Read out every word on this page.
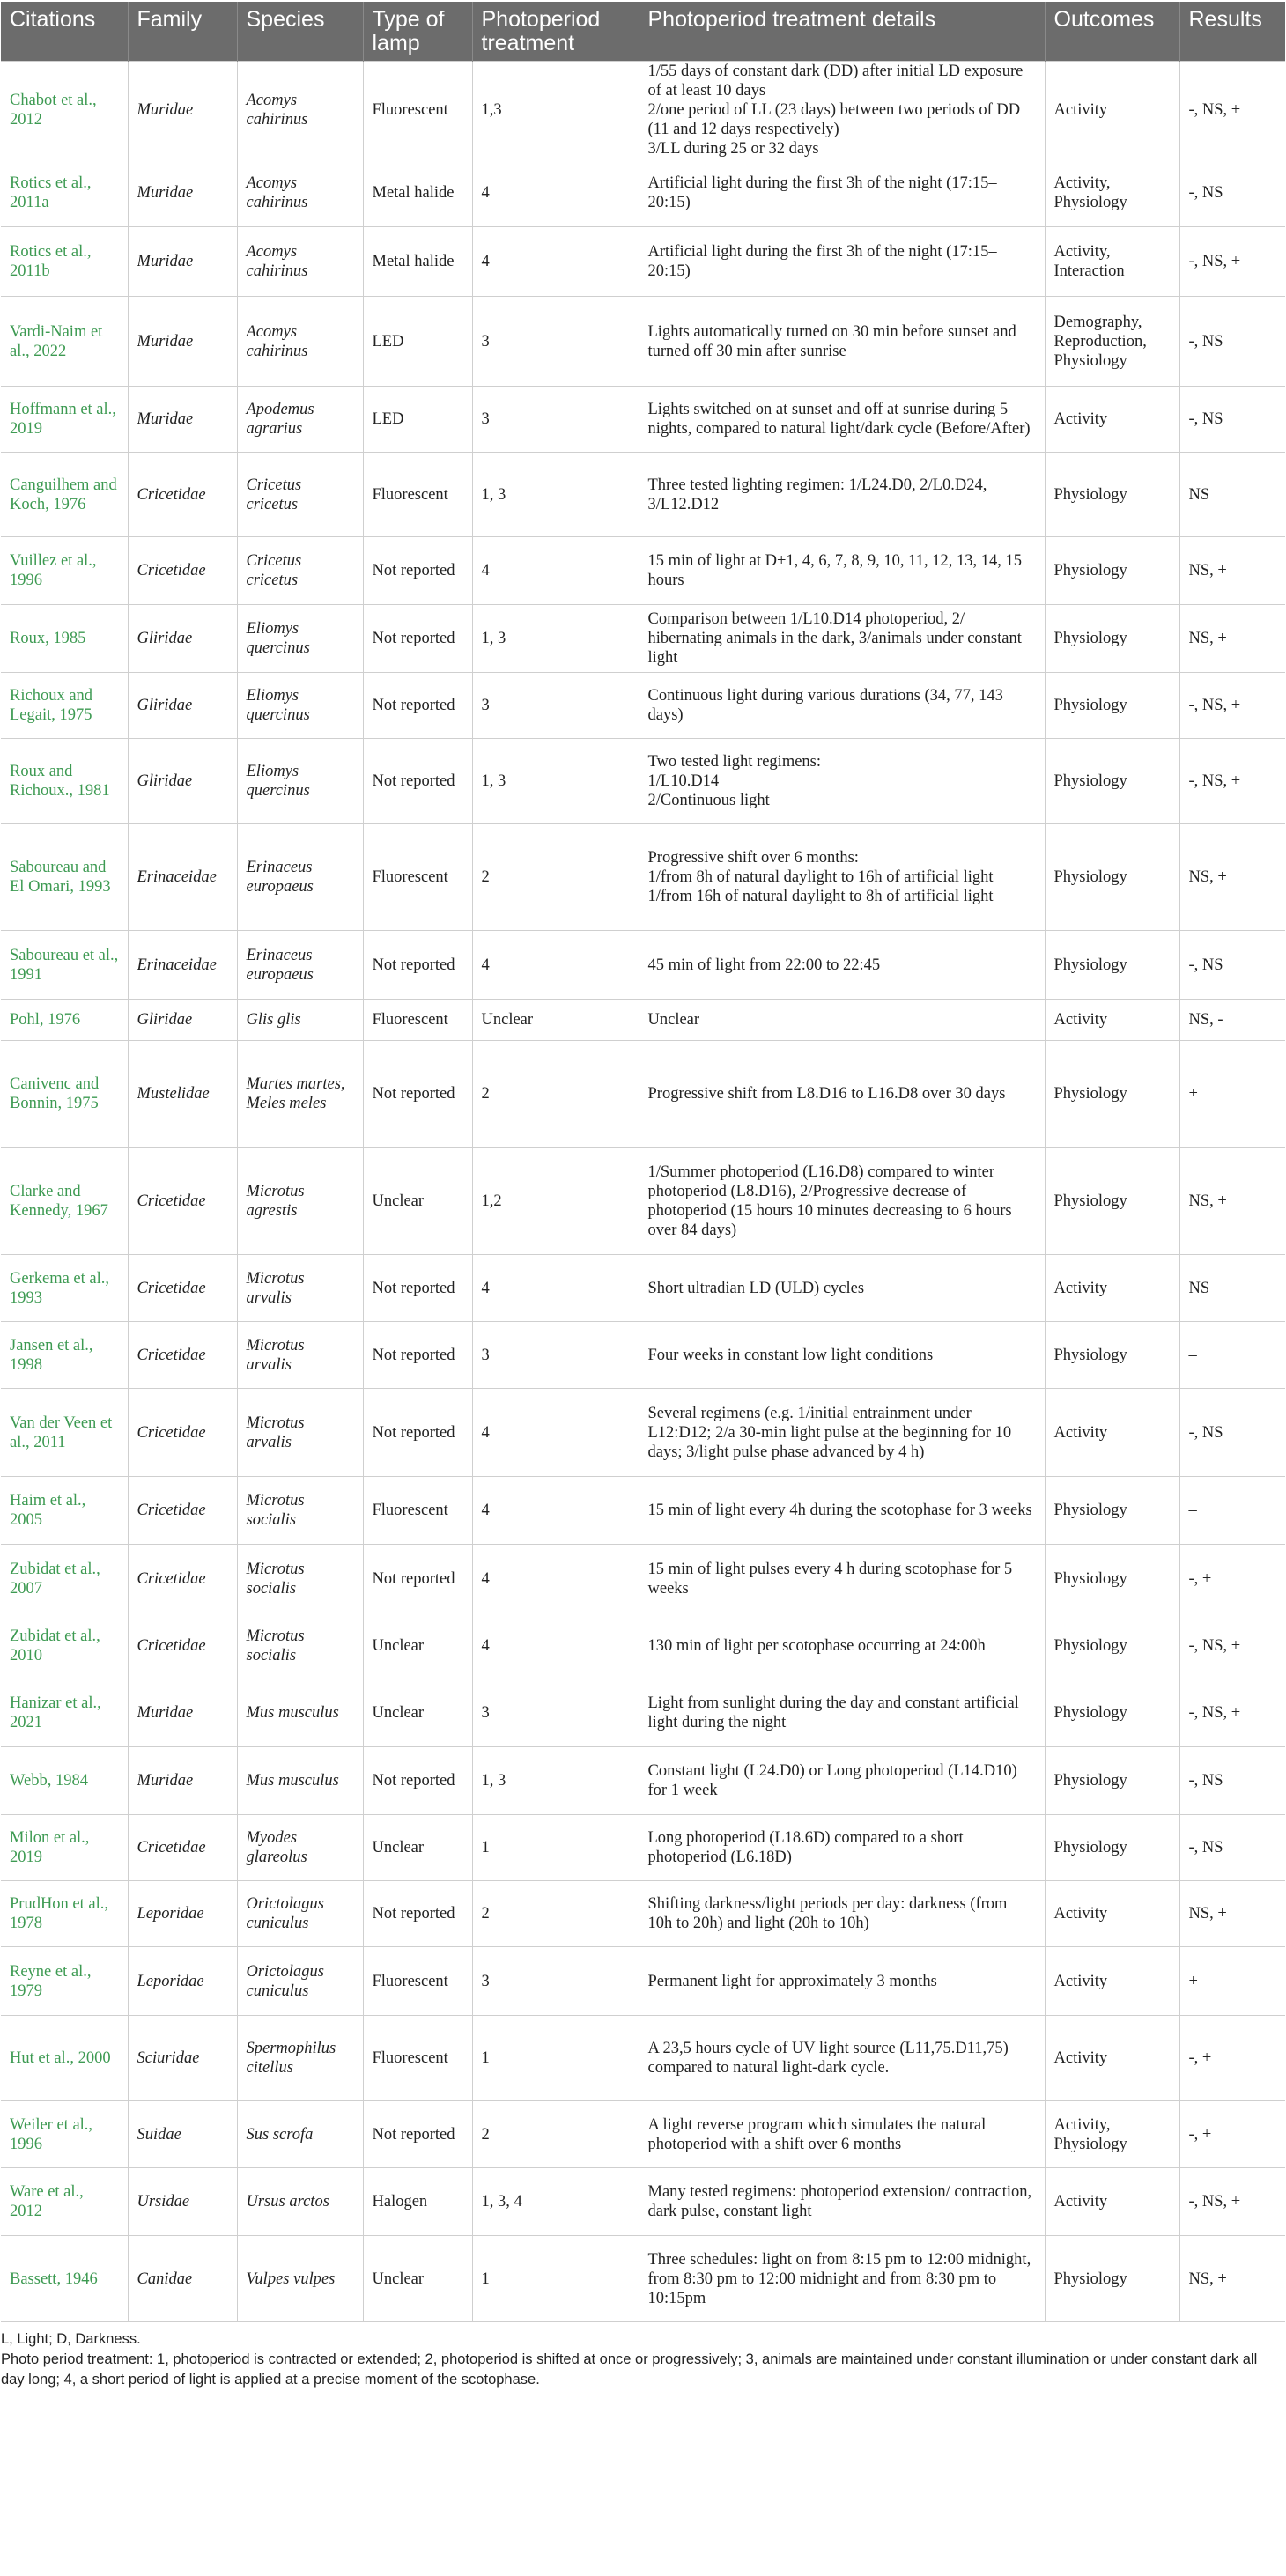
Citations	Family	Species	Type of lamp	Photoperiod treatment	Photoperiod treatment details	Outcomes	Results
Chabot et al., 2012	Muridae	Acomys cahirinus	Fluorescent	1,3	1/55 days of constant dark (DD) after initial LD exposure of at least 10 days
2/one period of LL (23 days) between two periods of DD (11 and 12 days respectively)
3/LL during 25 or 32 days	Activity	-, NS, +
Rotics et al., 2011a	Muridae	Acomys cahirinus	Metal halide	4	Artificial light during the first 3h of the night (17:15–20:15)	Activity, Physiology	-, NS
Rotics et al., 2011b	Muridae	Acomys cahirinus	Metal halide	4	Artificial light during the first 3h of the night (17:15–20:15)	Activity, Interaction	-, NS, +
Vardi-Naim et al., 2022	Muridae	Acomys cahirinus	LED	3	Lights automatically turned on 30 min before sunset and turned off 30 min after sunrise	Demography, Reproduction, Physiology	-, NS
Hoffmann et al., 2019	Muridae	Apodemus agrarius	LED	3	Lights switched on at sunset and off at sunrise during 5 nights, compared to natural light/dark cycle (Before/After)	Activity	-, NS
Canguilhem and Koch, 1976	Cricetidae	Cricetus cricetus	Fluorescent	1, 3	Three tested lighting regimen: 1/L24.D0, 2/L0.D24, 3/L12.D12	Physiology	NS
Vuillez et al., 1996	Cricetidae	Cricetus cricetus	Not reported	4	15 min of light at D+1, 4, 6, 7, 8, 9, 10, 11, 12, 13, 14, 15 hours	Physiology	NS, +
Roux, 1985	Gliridae	Eliomys quercinus	Not reported	1, 3	Comparison between 1/L10.D14 photoperiod, 2/ hibernating animals in the dark, 3/animals under constant light	Physiology	NS, +
Richoux and Legait, 1975	Gliridae	Eliomys quercinus	Not reported	3	Continuous light during various durations (34, 77, 143 days)	Physiology	-, NS, +
Roux and Richoux., 1981	Gliridae	Eliomys quercinus	Not reported	1, 3	Two tested light regimens:
1/L10.D14
2/Continuous light	Physiology	-, NS, +
Saboureau and El Omari, 1993	Erinaceidae	Erinaceus europaeus	Fluorescent	2	Progressive shift over 6 months:
1/from 8h of natural daylight to 16h of artificial light
1/from 16h of natural daylight to 8h of artificial light	Physiology	NS, +
Saboureau et al., 1991	Erinaceidae	Erinaceus europaeus	Not reported	4	45 min of light from 22:00 to 22:45	Physiology	-, NS
Pohl, 1976	Gliridae	Glis glis	Fluorescent	Unclear	Unclear	Activity	NS, -
Canivenc and Bonnin, 1975	Mustelidae	Martes martes, Meles meles	Not reported	2	Progressive shift from L8.D16 to L16.D8 over 30 days	Physiology	+
Clarke and Kennedy, 1967	Cricetidae	Microtus agrestis	Unclear	1,2	1/Summer photoperiod (L16.D8) compared to winter photoperiod (L8.D16), 2/Progressive decrease of photoperiod (15 hours 10 minutes decreasing to 6 hours over 84 days)	Physiology	NS, +
Gerkema et al., 1993	Cricetidae	Microtus arvalis	Not reported	4	Short ultradian LD (ULD) cycles	Activity	NS
Jansen et al., 1998	Cricetidae	Microtus arvalis	Not reported	3	Four weeks in constant low light conditions	Physiology	–
Van der Veen et al., 2011	Cricetidae	Microtus arvalis	Not reported	4	Several regimens (e.g. 1/initial entrainment under L12:D12; 2/a 30-min light pulse at the beginning for 10 days; 3/light pulse phase advanced by 4 h)	Activity	-, NS
Haim et al., 2005	Cricetidae	Microtus socialis	Fluorescent	4	15 min of light every 4h during the scotophase for 3 weeks	Physiology	–
Zubidat et al., 2007	Cricetidae	Microtus socialis	Not reported	4	15 min of light pulses every 4 h during scotophase for 5 weeks	Physiology	-, +
Zubidat et al., 2010	Cricetidae	Microtus socialis	Unclear	4	130 min of light per scotophase occurring at 24:00h	Physiology	-, NS, +
Hanizar et al., 2021	Muridae	Mus musculus	Unclear	3	Light from sunlight during the day and constant artificial light during the night	Physiology	-, NS, +
Webb, 1984	Muridae	Mus musculus	Not reported	1, 3	Constant light (L24.D0) or Long photoperiod (L14.D10) for 1 week	Physiology	-, NS
Milon et al., 2019	Cricetidae	Myodes glareolus	Unclear	1	Long photoperiod (L18.6D) compared to a short photoperiod (L6.18D)	Physiology	-, NS
PrudHon et al., 1978	Leporidae	Orictolagus cuniculus	Not reported	2	Shifting darkness/light periods per day: darkness (from 10h to 20h) and light (20h to 10h)	Activity	NS, +
Reyne et al., 1979	Leporidae	Orictolagus cuniculus	Fluorescent	3	Permanent light for approximately 3 months	Activity	+
Hut et al., 2000	Sciuridae	Spermophilus citellus	Fluorescent	1	A 23,5 hours cycle of UV light source (L11,75.D11,75) compared to natural light-dark cycle.	Activity	-, +
Weiler et al., 1996	Suidae	Sus scrofa	Not reported	2	A light reverse program which simulates the natural photoperiod with a shift over 6 months	Activity, Physiology	-, +
Ware et al., 2012	Ursidae	Ursus arctos	Halogen	1, 3, 4	Many tested regimens: photoperiod extension/ contraction, dark pulse, constant light	Activity	-, NS, +
Bassett, 1946	Canidae	Vulpes vulpes	Unclear	1	Three schedules: light on from 8:15 pm to 12:00 midnight, from 8:30 pm to 12:00 midnight and from 8:30 pm to 10:15pm	Physiology	NS, +

L, Light; D, Darkness.

Photo period treatment: 1, photoperiod is contracted or extended; 2, photoperiod is shifted at once or progressively; 3, animals are maintained under constant illumination or under constant dark all day long; 4, a short period of light is applied at a precise moment of the scotophase.
